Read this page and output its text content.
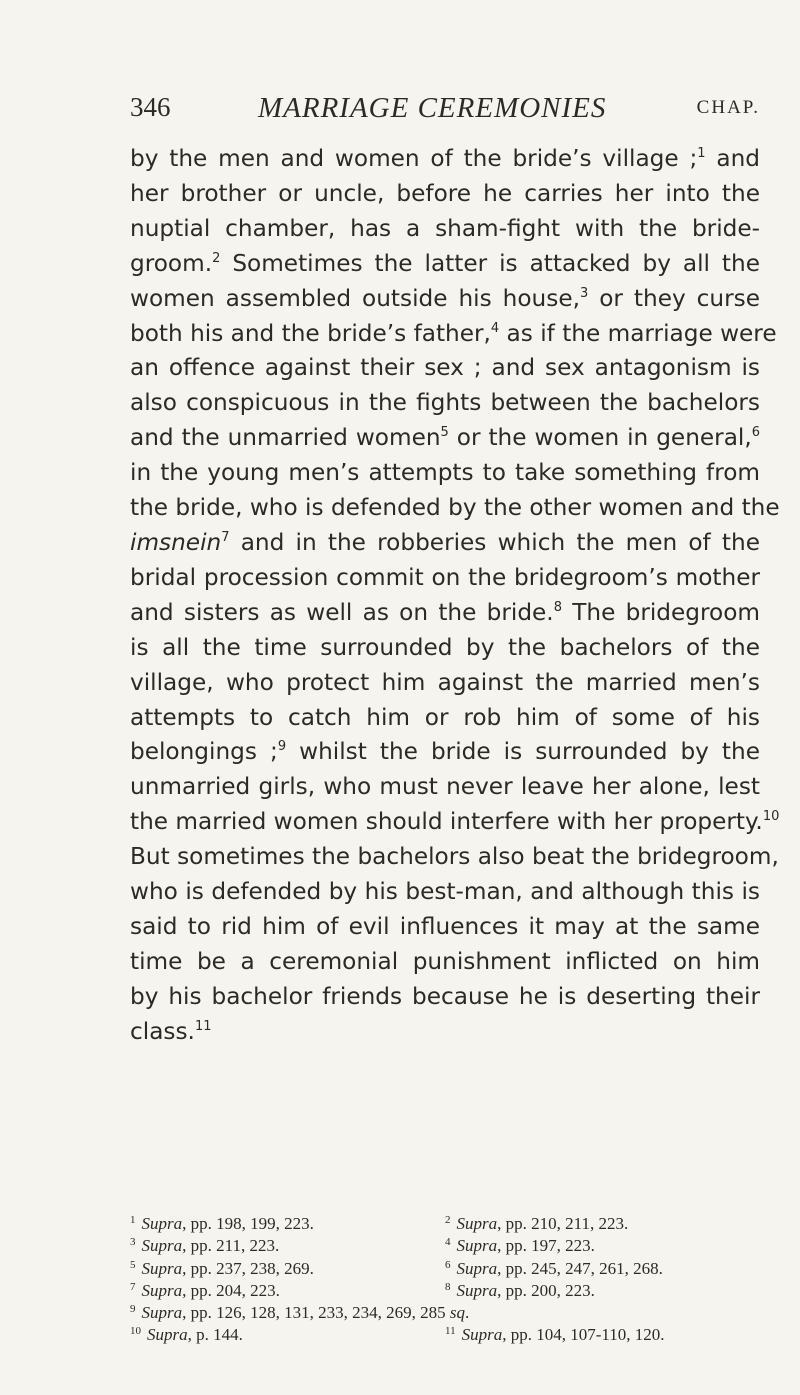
346	MARRIAGE CEREMONIES	CHAP.
by the men and women of the bride’s village ;$^1$ and
her brother or uncle, before he carries her into the
nuptial chamber, has a sham-fight with the bride-
groom.$^2$ Sometimes the latter is attacked by all the
women assembled outside his house,$^3$ or they curse
both his and the bride’s father,$^4$ as if the marriage were
an offence against their sex ; and sex antagonism is
also conspicuous in the fights between the bachelors
and the unmarried women$^5$ or the women in general,$^6$
in the young men’s attempts to take something from
the bride, who is defended by the other women and the
imsnein$^7$ and in the robberies which the men of the
bridal procession commit on the bridegroom’s mother
and sisters as well as on the bride.$^8$ The bridegroom
is all the time surrounded by the bachelors of the
village, who protect him against the married men’s
attempts to catch him or rob him of some of his
belongings ;$^9$ whilst the bride is surrounded by the
unmarried girls, who must never leave her alone, lest
the married women should interfere with her property.$^{10}$
But sometimes the bachelors also beat the bridegroom,
who is defended by his best-man, and although this is
said to rid him of evil influences it may at the same
time be a ceremonial punishment inflicted on him
by his bachelor friends because he is deserting their
class.$^{11}$
$^1$ Supra, pp. 198, 199, 223.	$^2$ Supra, pp. 210, 211, 223.
$^3$ Supra, pp. 211, 223.	$^4$ Supra, pp. 197, 223.
$^5$ Supra, pp. 237, 238, 269.	$^6$ Supra, pp. 245, 247, 261, 268.
$^7$ Supra, pp. 204, 223.	$^8$ Supra, pp. 200, 223.
$^9$ Supra, pp. 126, 128, 131, 233, 234, 269, 285 sq.
$^{10}$ Supra, p. 144.	$^{11}$ Supra, pp. 104, 107-110, 120.
